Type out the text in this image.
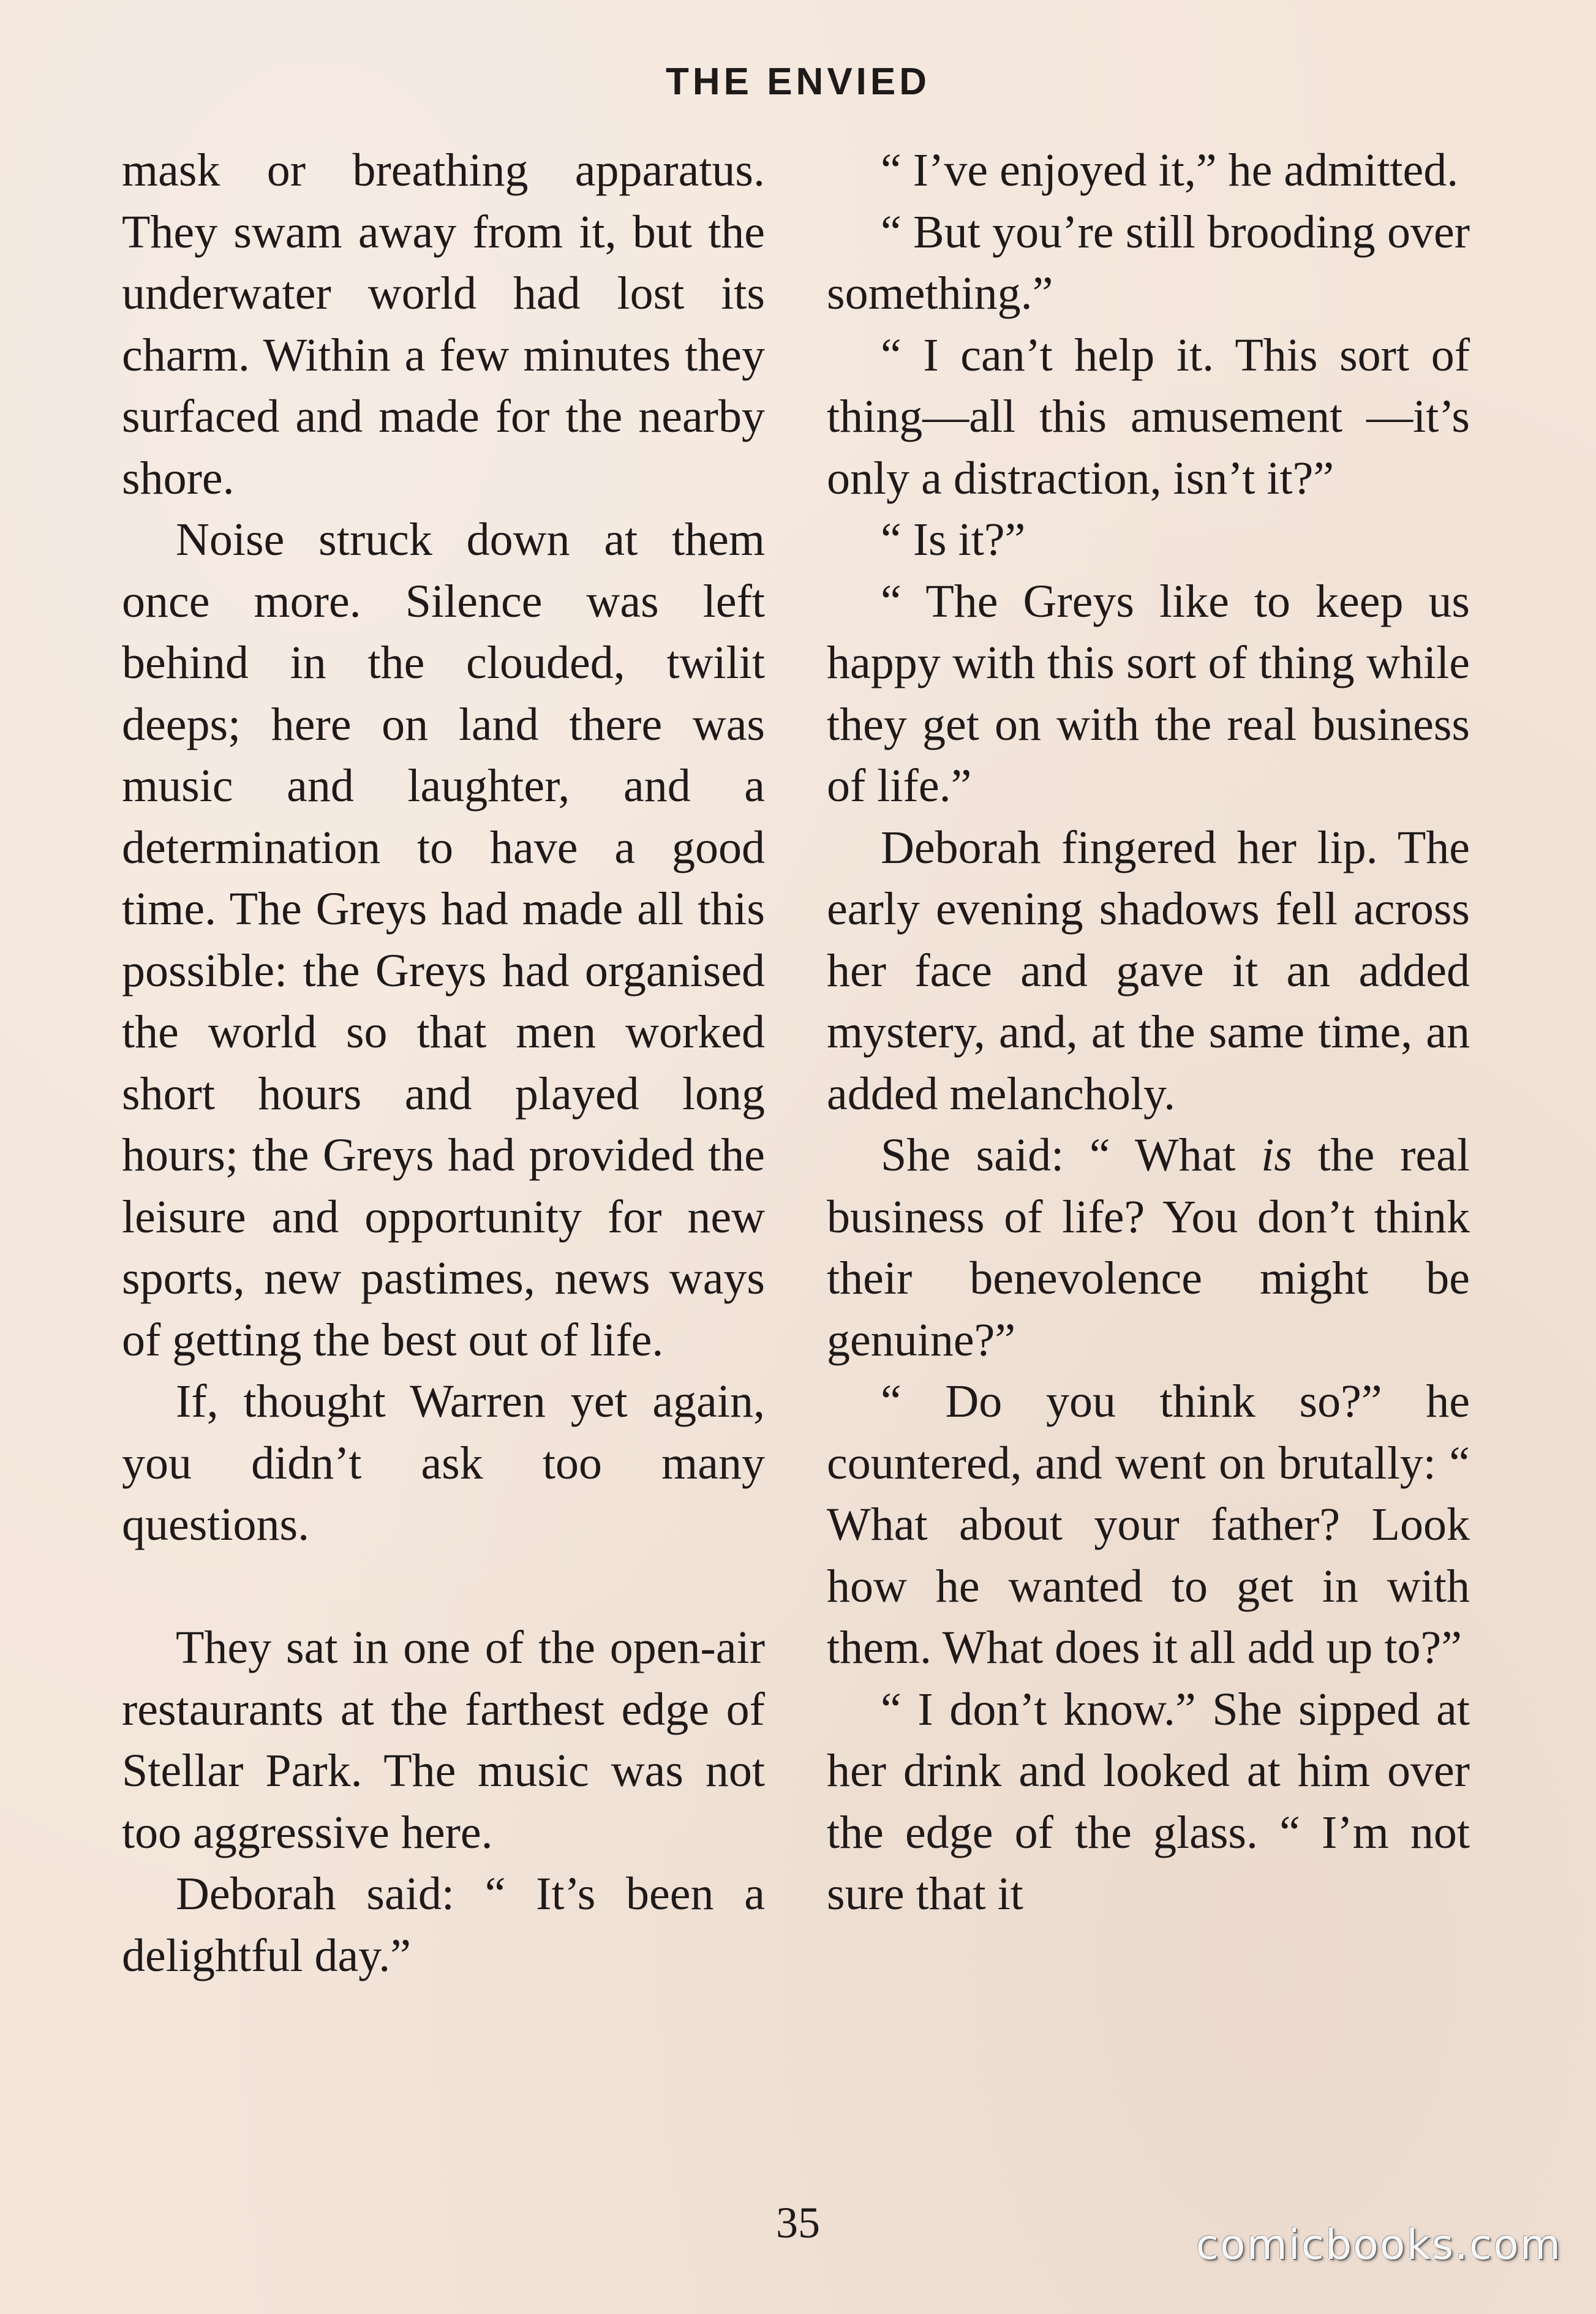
THE ENVIED

mask or breathing apparatus. They swam away from it, but the underwater world had lost its charm. Within a few minutes they surfaced and made for the nearby shore.

Noise struck down at them once more. Silence was left behind in the clouded, twilit deeps; here on land there was music and laughter, and a determination to have a good time. The Greys had made all this possible: the Greys had organised the world so that men worked short hours and played long hours; the Greys had provided the leisure and opportunity for new sports, new pastimes, news ways of getting the best out of life.

If, thought Warren yet again, you didn’t ask too many questions.

They sat in one of the open-air restaurants at the farthest edge of Stellar Park. The music was not too aggressive here.

Deborah said: “ It’s been a delightful day.”

“ I’ve enjoyed it,” he admitted.

“ But you’re still brooding over something.”

“ I can’t help it. This sort of thing—all this amusement —it’s only a distraction, isn’t it?”

“ Is it?”

“ The Greys like to keep us happy with this sort of thing while they get on with the real business of life.”

Deborah fingered her lip. The early evening shadows fell across her face and gave it an added mystery, and, at the same time, an added melancholy.

She said: “ What is the real business of life? You don’t think their benevolence might be genuine?”

“ Do you think so?” he countered, and went on brutally: “ What about your father? Look how he wanted to get in with them. What does it all add up to?”

“ I don’t know.” She sipped at her drink and looked at him over the edge of the glass. “ I’m not sure that it

35	comicbooks.com
